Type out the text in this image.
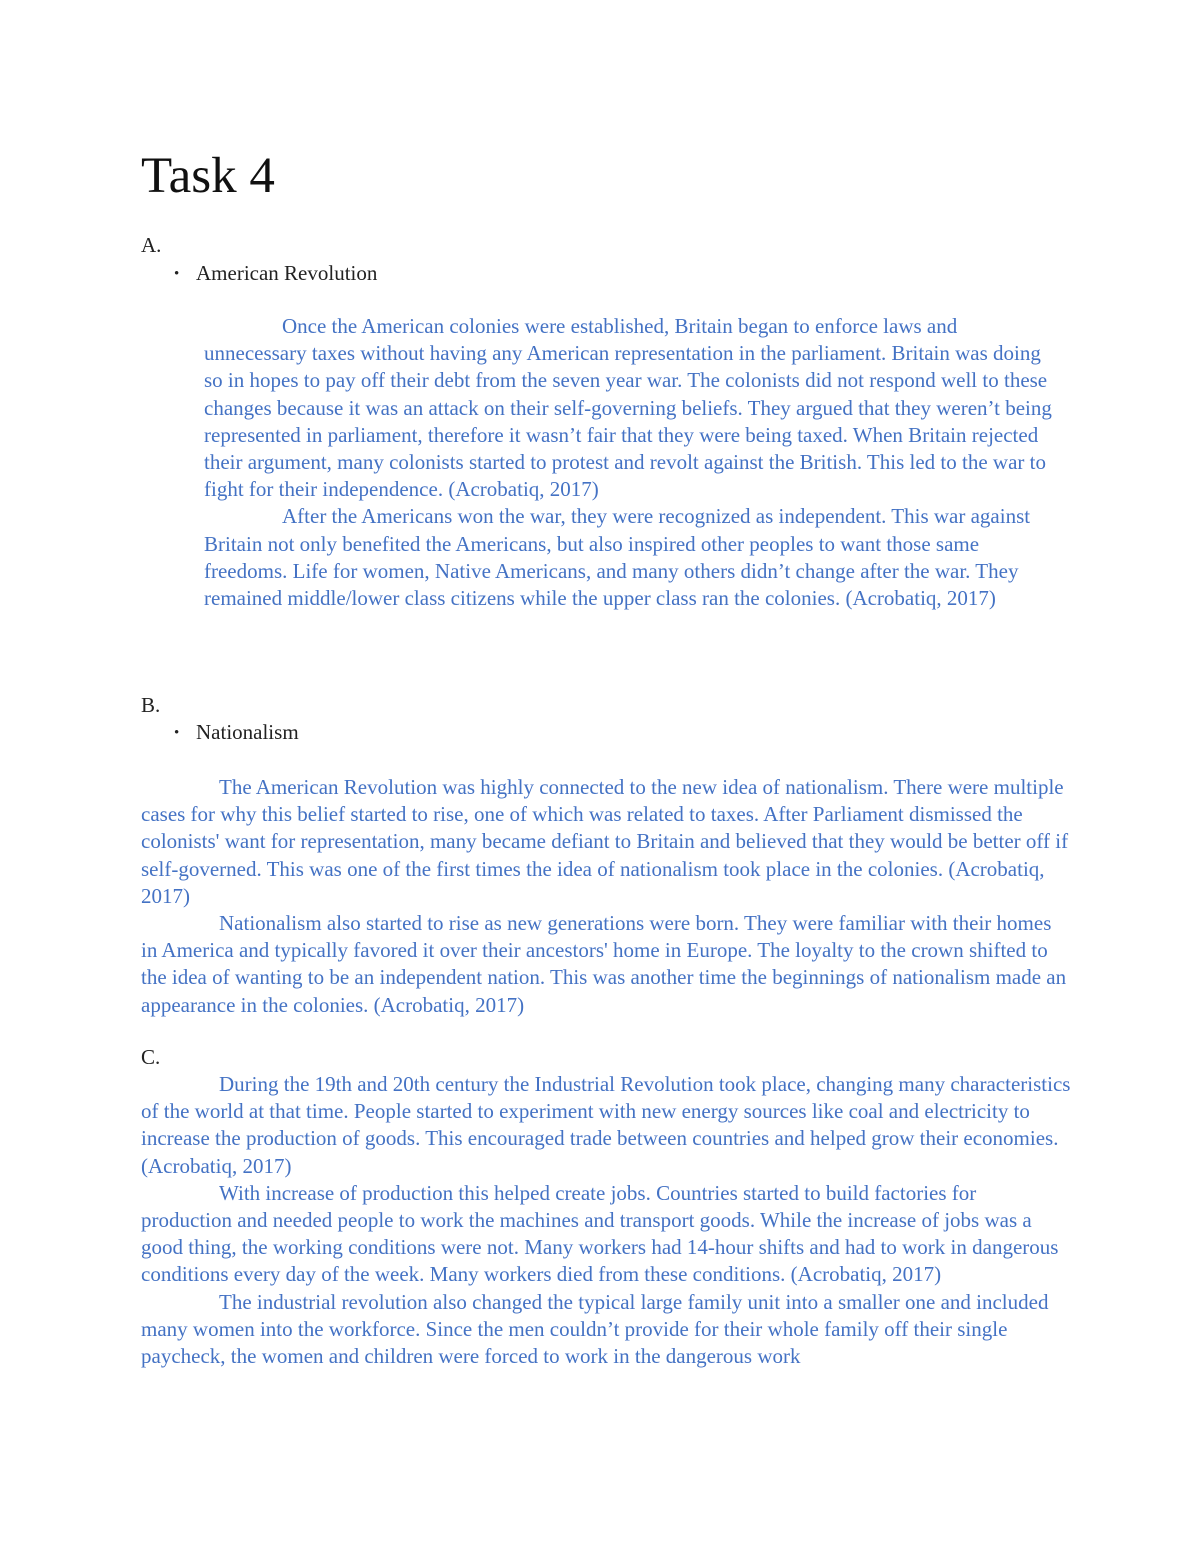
Task 4
A.
• American Revolution

Once the American colonies were established, Britain began to enforce laws and unnecessary taxes without having any American representation in the parliament. Britain was doing so in hopes to pay off their debt from the seven year war. The colonists did not respond well to these changes because it was an attack on their self-governing beliefs. They argued that they weren’t being represented in parliament, therefore it wasn’t fair that they were being taxed. When Britain rejected their argument, many colonists started to protest and revolt against the British. This led to the war to fight for their independence. (Acrobatiq, 2017)

After the Americans won the war, they were recognized as independent. This war against Britain not only benefited the Americans, but also inspired other peoples to want those same freedoms. Life for women, Native Americans, and many others didn’t change after the war. They remained middle/lower class citizens while the upper class ran the colonies. (Acrobatiq, 2017)

B.
• Nationalism

The American Revolution was highly connected to the new idea of nationalism. There were multiple cases for why this belief started to rise, one of which was related to taxes. After Parliament dismissed the colonists' want for representation, many became defiant to Britain and believed that they would be better off if self-governed. This was one of the first times the idea of nationalism took place in the colonies. (Acrobatiq, 2017)

Nationalism also started to rise as new generations were born. They were familiar with their homes in America and typically favored it over their ancestors' home in Europe. The loyalty to the crown shifted to the idea of wanting to be an independent nation. This was another time the beginnings of nationalism made an appearance in the colonies. (Acrobatiq, 2017)

C.

During the 19th and 20th century the Industrial Revolution took place, changing many characteristics of the world at that time. People started to experiment with new energy sources like coal and electricity to increase the production of goods. This encouraged trade between countries and helped grow their economies. (Acrobatiq, 2017)

With increase of production this helped create jobs. Countries started to build factories for production and needed people to work the machines and transport goods. While the increase of jobs was a good thing, the working conditions were not. Many workers had 14-hour shifts and had to work in dangerous conditions every day of the week. Many workers died from these conditions. (Acrobatiq, 2017)

The industrial revolution also changed the typical large family unit into a smaller one and included many women into the workforce. Since the men couldn’t provide for their whole family off their single paycheck, the women and children were forced to work in the dangerous work
